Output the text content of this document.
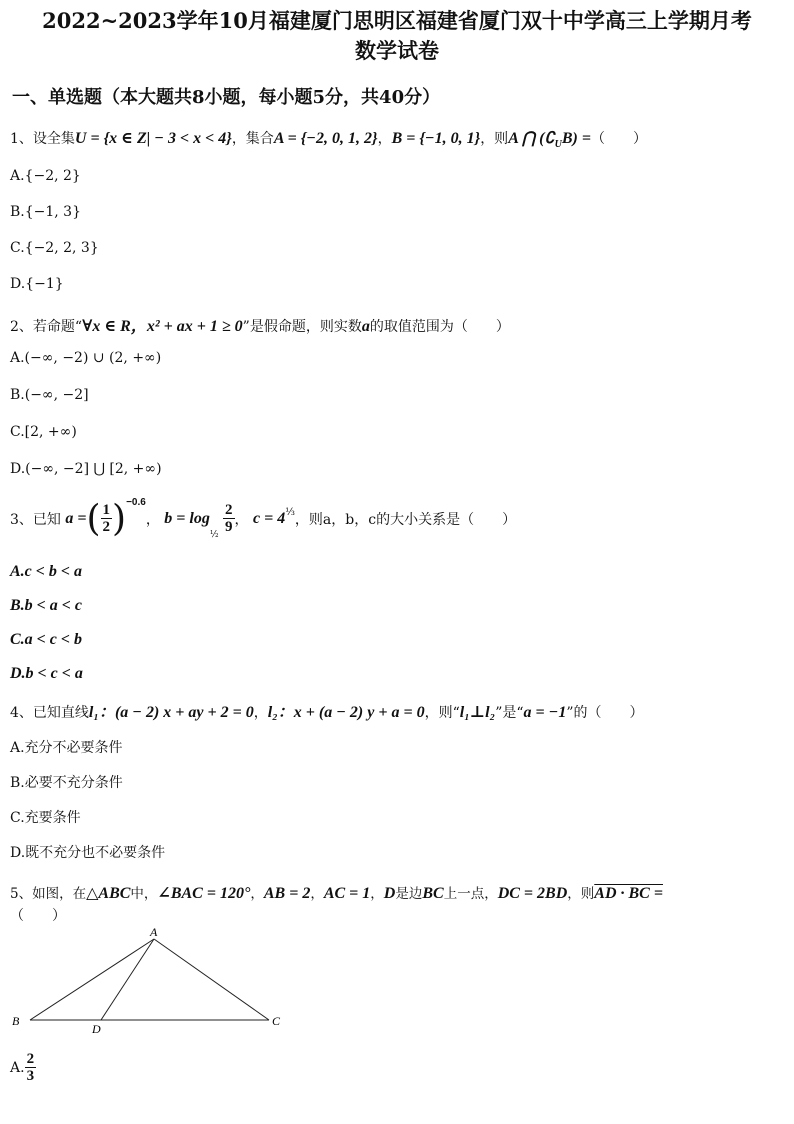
2022~2023学年10月福建厦门思明区福建省厦门双十中学高三上学期月考
数学试卷
一、单选题（本大题共8小题，每小题5分，共40分）
1、设全集U = {x ∈ Z| − 3 < x < 4}，集合A = {−2, 0, 1, 2}，B = {−1, 0, 1}，则A ⋂ $(∁_UB)$ =（　　）
A.{−2, 2}
B.{−1, 3}
C.{−2, 2, 3}
D.{−1}
2、若命题“∀x ∈ R，x² + ax + 1 ≥ 0”是假命题，则实数a的取值范围为（　　）
A.(−∞, −2) ∪ (2, +∞)
B.(−∞, −2]
C.[2, +∞)
D.(−∞, −2] ⋃ [2, +∞)
3、已知 a =( $\frac{1}{2} )^{-0.6}$， $b = \log_{\frac{1}{2}} \frac{2}{9}$ ， $c = 4^{\frac{1}{3}}$，则a，b，c的大小关系是（　　）
A.c < b < a
B.b < a < c
C.a < c < b
D.b < c < a
4、已知直线l₁：(a − 2) x + ay + 2 = 0，l₂：x + (a − 2) y + a = 0，则“l₁⊥l₂”是“a = −1”的（　　）
A.充分不必要条件
B.必要不充分条件
C.充要条件
D.既不充分也不必要条件
5、如图，在△ABC中，∠BAC = 120°，AB = 2，AC = 1，D是边BC上一点，DC = 2BD，则AD · BC =
（　　）
A
B
D
C
A. $\frac{2}{3}$
